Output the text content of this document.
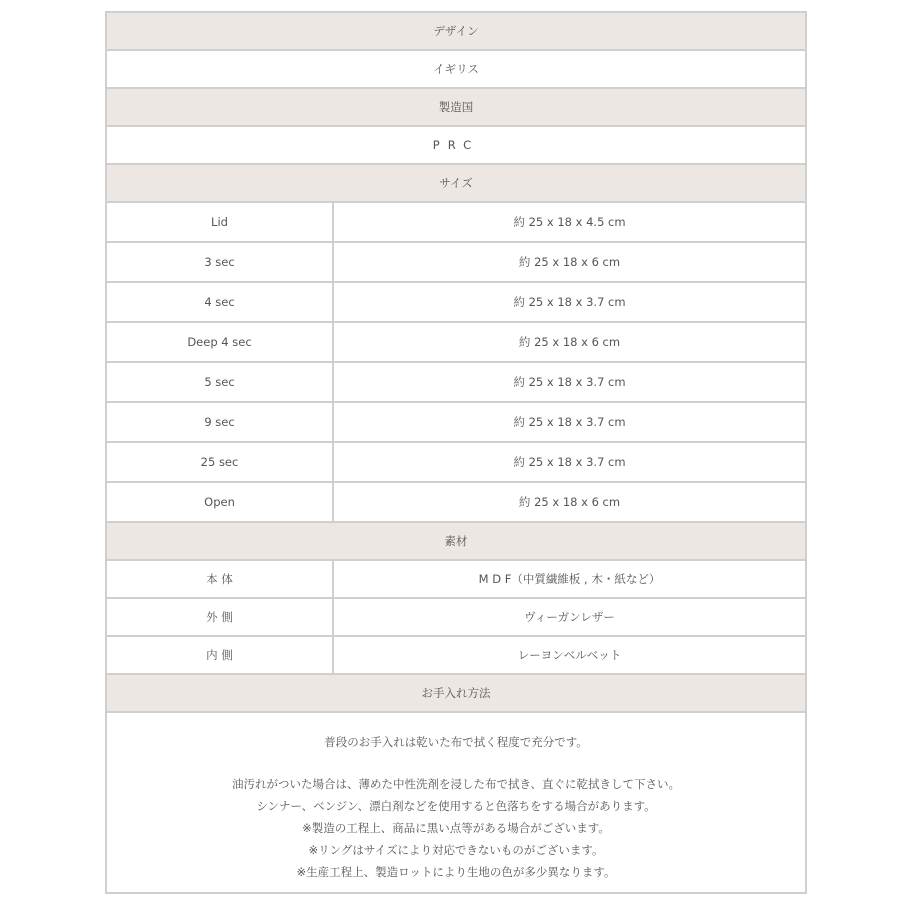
デザイン
イギリス
製造国
PRC
サイズ
Lid	約 25 x 18 x 4.5 cm
3 sec	約 25 x 18 x 6 cm
4 sec	約 25 x 18 x 3.7 cm
Deep 4 sec	約 25 x 18 x 6 cm
5 sec	約 25 x 18 x 3.7 cm
9 sec	約 25 x 18 x 3.7 cm
25 sec	約 25 x 18 x 3.7 cm
Open	約 25 x 18 x 6 cm
素材
本 体	M D F（中質繊維板 , 木・紙など）
外 側	ヴィーガンレザー
内 側	レーヨンベルベット
お手入れ方法
普段のお手入れは乾いた布で拭く程度で充分です。
油汚れがついた場合は、薄めた中性洗剤を浸した布で拭き、直ぐに乾拭きして下さい。
シンナー、ベンジン、漂白剤などを使用すると色落ちをする場合があります。
※製造の工程上、商品に黒い点等がある場合がございます。
※リングはサイズにより対応できないものがございます。
※生産工程上、製造ロットにより生地の色が多少異なります。
